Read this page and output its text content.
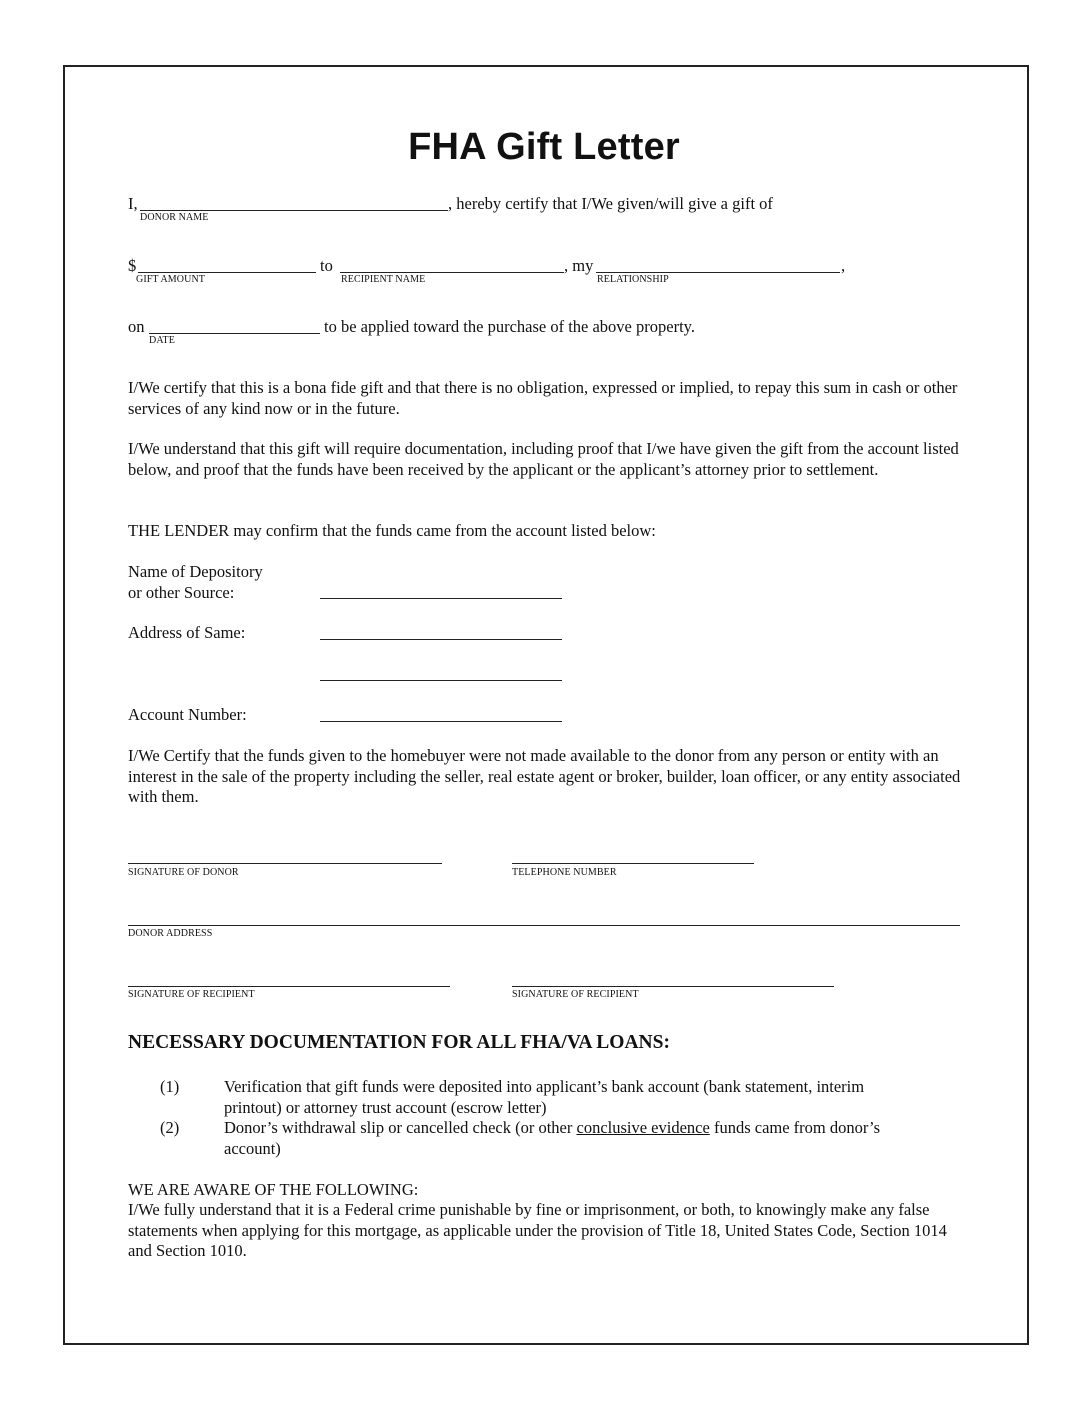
FHA Gift Letter
I,
DONOR NAME
, hereby certify that I/We given/will give a gift of
$
GIFT AMOUNT
to
RECIPIENT NAME
, my
RELATIONSHIP
,
on
DATE
to be applied toward the purchase of the above property.
I/We certify that this is a bona fide gift and that there is no obligation, expressed or implied, to repay this sum in cash or other services of any kind now or in the future.
I/We understand that this gift will require documentation, including proof that I/we have given the gift from the account listed below, and proof that the funds have been received by the applicant or the applicant’s attorney prior to settlement.
THE LENDER may confirm that the funds came from the account listed below:
Name of Depository
or other Source:
Address of Same:
Account Number:
I/We Certify that the funds given to the homebuyer were not made available to the donor from any person or entity with an interest in the sale of the property including the seller, real estate agent or broker, builder, loan officer, or any entity associated with them.
SIGNATURE OF DONOR	TELEPHONE NUMBER
DONOR ADDRESS
SIGNATURE OF RECIPIENT	SIGNATURE OF RECIPIENT
NECESSARY DOCUMENTATION FOR ALL FHA/VA LOANS:
(1)	Verification that gift funds were deposited into applicant’s bank account (bank statement, interim
printout) or attorney trust account (escrow letter)
(2)	Donor’s withdrawal slip or cancelled check (or other conclusive evidence funds came from donor’s
account)
WE ARE AWARE OF THE FOLLOWING:
I/We fully understand that it is a Federal crime punishable by fine or imprisonment, or both, to knowingly make any false statements when applying for this mortgage, as applicable under the provision of Title 18, United States Code, Section 1014 and Section 1010.
